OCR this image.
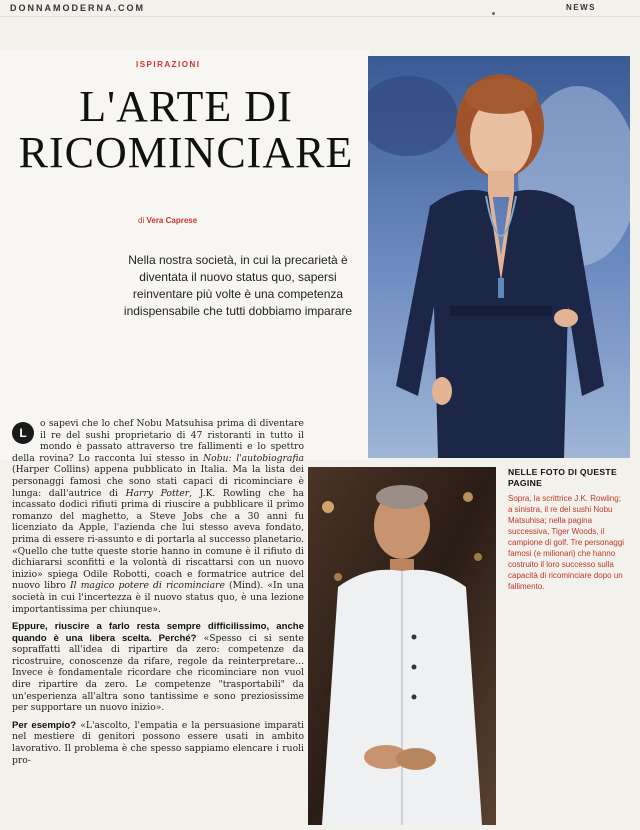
DONNAMODERNA.COM	NEWS
ISPIRAZIONI
L'ARTE DI
RICOMINCIARE
di Vera Caprese
Nella nostra società, in cui la precarietà è diventata il nuovo status quo, sapersi reinventare più volte è una competenza indispensabile che tutti dobbiamo imparare

L
o sapevi che lo chef Nobu Matsuhisa prima di diventare il re del sushi proprietario di 47 ristoranti in tutto il mondo è passato attraverso tre fallimenti e lo spettro della rovina? Lo racconta lui stesso in Nobu: l'autobiografia (Harper Collins) appena pubblicato in Italia. Ma la lista dei personaggi famosi che sono stati capaci di ricominciare è lunga: dall'autrice di Harry Potter, J.K. Rowling che ha incassato dodici rifiuti prima di riuscire a pubblicare il primo romanzo del maghetto, a Steve Jobs che a 30 anni fu licenziato da Apple, l'azienda che lui stesso aveva fondato, prima di essere ri-assunto e di portarla al successo planetario. «Quello che tutte queste storie hanno in comune è il rifiuto di dichiararsi sconfitti e la volontà di riscattarsi con un nuovo inizio» spiega Odile Robotti, coach e formatrice autrice del nuovo libro Il magico potere di ricominciare (Mind). «In una società in cui l'incertezza è il nuovo status quo, è una lezione importantissima per chiunque».

Eppure, riuscire a farlo resta sempre difficilissimo, anche quando è una libera scelta. Perché? «Spesso ci si sente sopraffatti all'idea di ripartire da zero: competenze da ricostruire, conoscenze da rifare, regole da reinterpretare... Invece è fondamentale ricordare che ricominciare non vuol dire ripartire da zero. Le competenze "trasportabili" da un'esperienza all'altra sono tantissime e sono preziosissime per supportare un nuovo inizio».

Per esempio? «L'ascolto, l'empatia e la persuasione imparati nel mestiere di genitori possono essere usati in ambito lavorativo. Il problema è che spesso sappiamo elencare i ruoli pro-

NELLE FOTO DI QUESTE PAGINE
Sopra, la scrittrice J.K. Rowling; a sinistra, il re del sushi Nobu Matsuhisa; nella pagina successiva, Tiger Woods, il campione di golf. Tre personaggi famosi (e milionari) che hanno costruito il loro successo sulla capacità di ricominciare dopo un fallimento.
